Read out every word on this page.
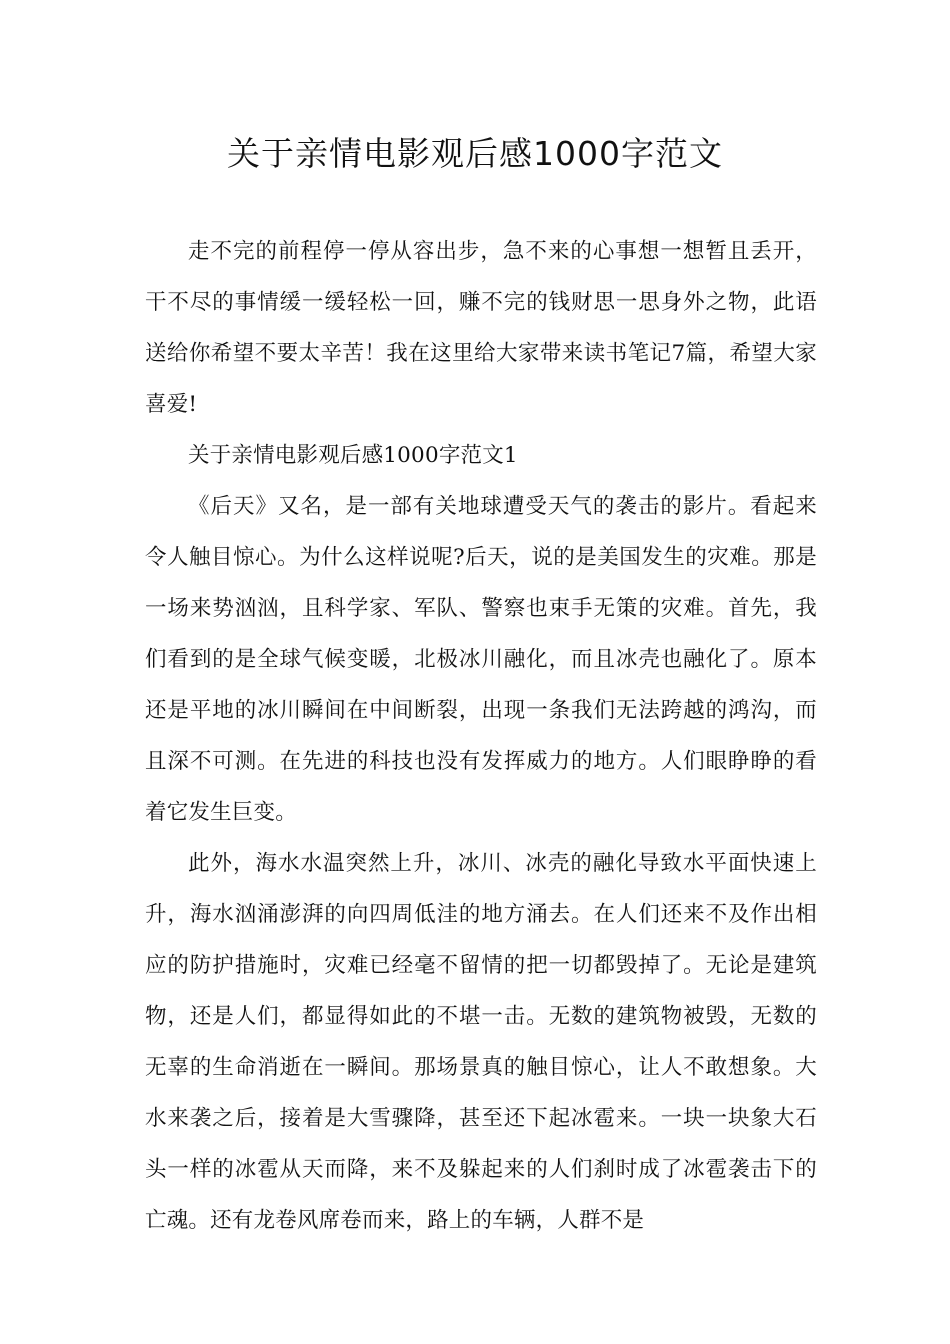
关于亲情电影观后感1000字范文

走不完的前程停一停从容出步，急不来的心事想一想暂且丢开，干不尽的事情缓一缓轻松一回，赚不完的钱财思一思身外之物，此语送给你希望不要太辛苦！我在这里给大家带来读书笔记7篇，希望大家喜爱!

关于亲情电影观后感1000字范文1

《后天》又名，是一部有关地球遭受天气的袭击的影片。看起来令人触目惊心。为什么这样说呢?后天，说的是美国发生的灾难。那是一场来势汹汹，且科学家、军队、警察也束手无策的灾难。首先，我们看到的是全球气候变暖，北极冰川融化，而且冰壳也融化了。原本还是平地的冰川瞬间在中间断裂，出现一条我们无法跨越的鸿沟，而且深不可测。在先进的科技也没有发挥威力的地方。人们眼睁睁的看着它发生巨变。

此外，海水水温突然上升，冰川、冰壳的融化导致水平面快速上升，海水汹涌澎湃的向四周低洼的地方涌去。在人们还来不及作出相应的防护措施时，灾难已经毫不留情的把一切都毁掉了。无论是建筑物，还是人们，都显得如此的不堪一击。无数的建筑物被毁，无数的无辜的生命消逝在一瞬间。那场景真的触目惊心，让人不敢想象。大水来袭之后，接着是大雪骤降，甚至还下起冰雹来。一块一块象大石头一样的冰雹从天而降，来不及躲起来的人们刹时成了冰雹袭击下的亡魂。还有龙卷风席卷而来，路上的车辆，人群不是
